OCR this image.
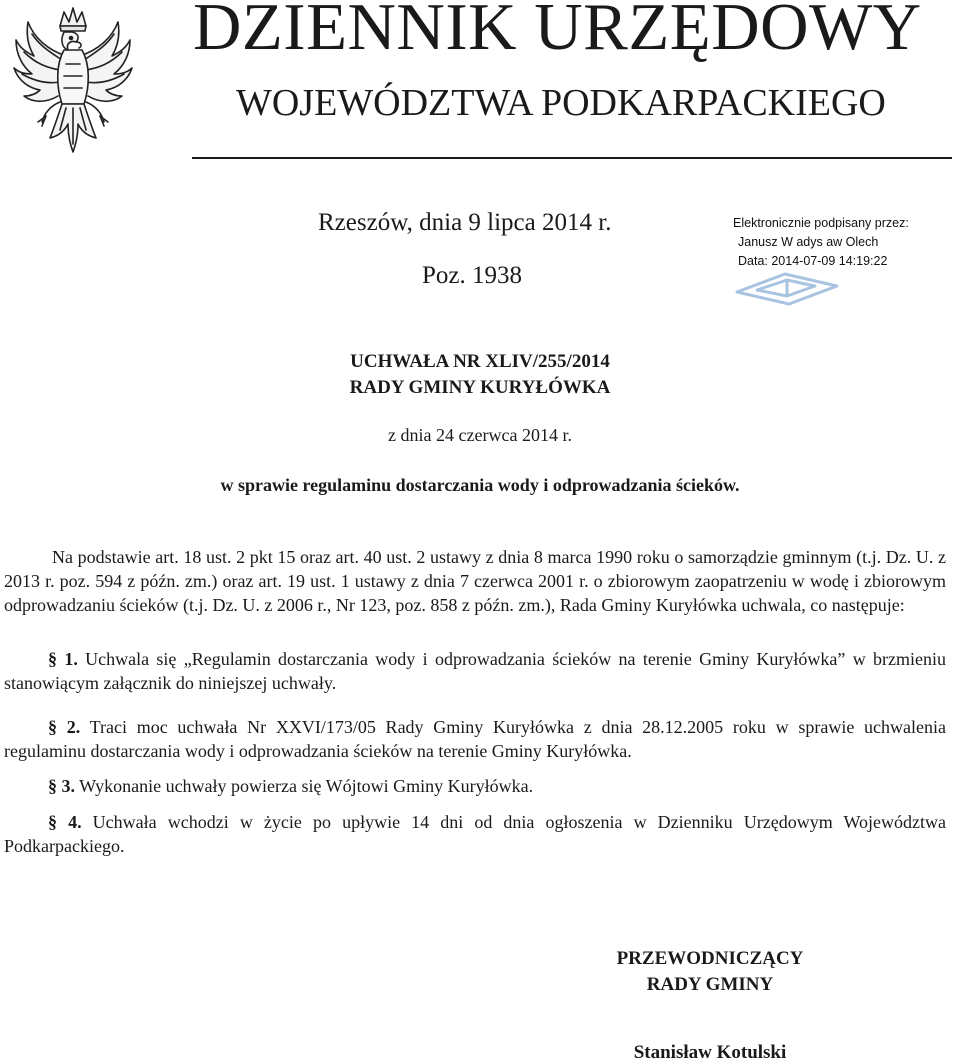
DZIENNIK URZĘDOWY
WOJEWÓDZTWA PODKARPACKIEGO
Rzeszów, dnia 9 lipca 2014 r.
Poz. 1938
Elektronicznie podpisany przez:
Janusz W adys aw Olech
Data: 2014-07-09 14:19:22
UCHWAŁA NR XLIV/255/2014
RADY GMINY KURYŁÓWKA
z dnia 24 czerwca 2014 r.
w sprawie regulaminu dostarczania wody i odprowadzania ścieków.
Na podstawie art. 18 ust. 2 pkt 15 oraz art. 40 ust. 2 ustawy z dnia 8 marca 1990 roku o samorządzie gminnym (t.j. Dz. U. z 2013 r. poz. 594 z późn. zm.) oraz art. 19 ust. 1 ustawy z dnia 7 czerwca 2001 r. o zbiorowym zaopatrzeniu w wodę i zbiorowym odprowadzaniu ścieków (t.j. Dz. U. z 2006 r., Nr 123, poz. 858 z późn. zm.), Rada Gminy Kuryłówka uchwala, co następuje:
§ 1. Uchwala się „Regulamin dostarczania wody i odprowadzania ścieków na terenie Gminy Kuryłówka” w brzmieniu stanowiącym załącznik do niniejszej uchwały.
§ 2. Traci moc uchwała Nr XXVI/173/05 Rady Gminy Kuryłówka z dnia 28.12.2005 roku w sprawie uchwalenia regulaminu dostarczania wody i odprowadzania ścieków na terenie Gminy Kuryłówka.
§ 3. Wykonanie uchwały powierza się Wójtowi Gminy Kuryłówka.
§ 4. Uchwała wchodzi w życie po upływie 14 dni od dnia ogłoszenia w Dzienniku Urzędowym Województwa Podkarpackiego.
PRZEWODNICZĄCY
RADY GMINY
Stanisław Kotulski
